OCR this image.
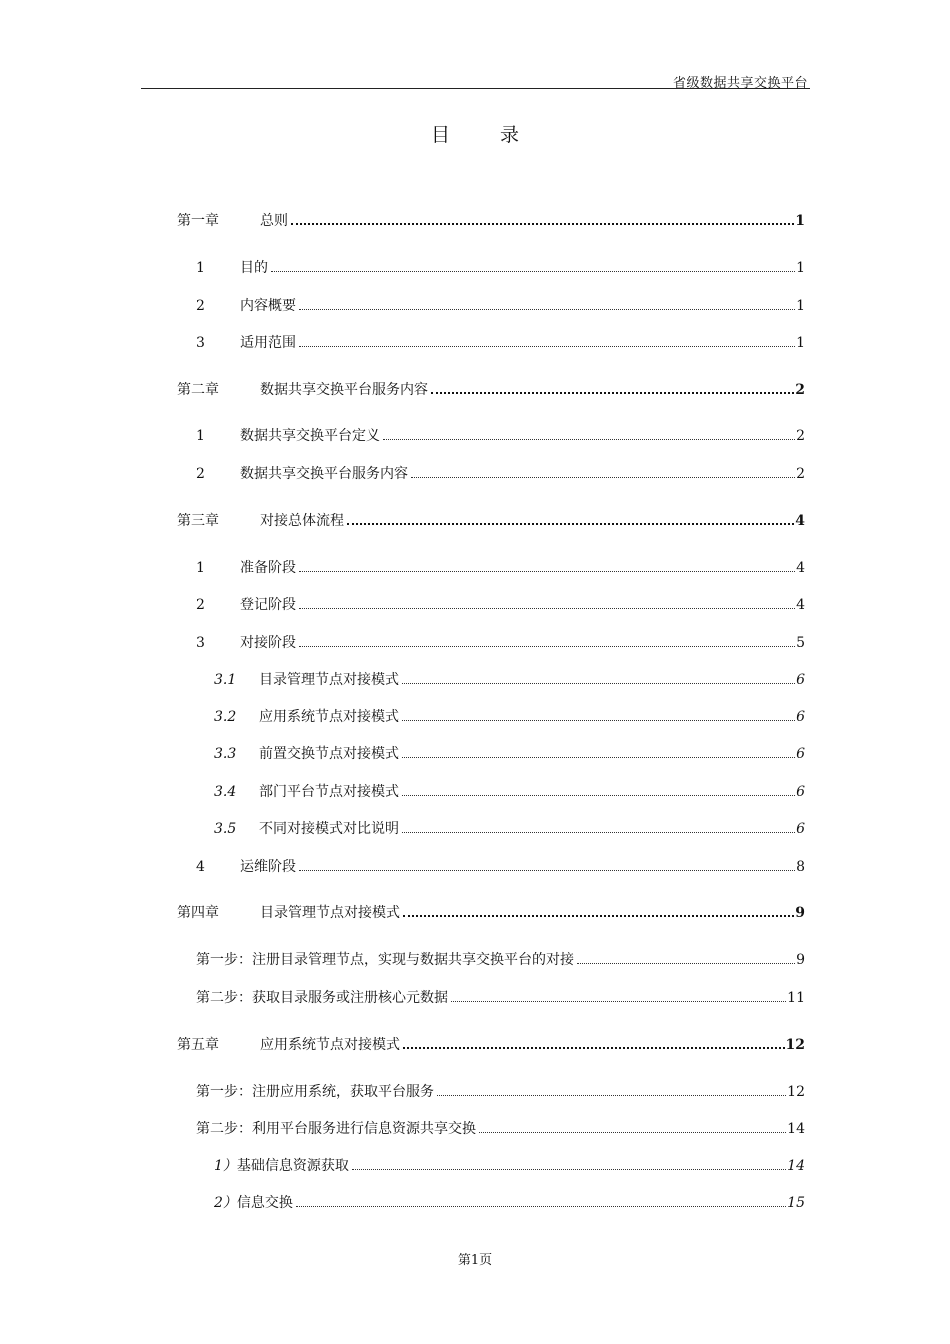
省级数据共享交换平台
目 录
第一章	总则	1
1	目的	1
2	内容概要	1
3	适用范围	1
第二章	数据共享交换平台服务内容	2
1	数据共享交换平台定义	2
2	数据共享交换平台服务内容	2
第三章	对接总体流程	4
1	准备阶段	4
2	登记阶段	4
3	对接阶段	5
3.1	目录管理节点对接模式	6
3.2	应用系统节点对接模式	6
3.3	前置交换节点对接模式	6
3.4	部门平台节点对接模式	6
3.5	不同对接模式对比说明	6
4	运维阶段	8
第四章	目录管理节点对接模式	9
第一步：注册目录管理节点，实现与数据共享交换平台的对接	9
第二步：获取目录服务或注册核心元数据	11
第五章	应用系统节点对接模式	12
第一步：注册应用系统，获取平台服务	12
第二步：利用平台服务进行信息资源共享交换	14
1） 基础信息资源获取	14
2） 信息交换	15
第1页
